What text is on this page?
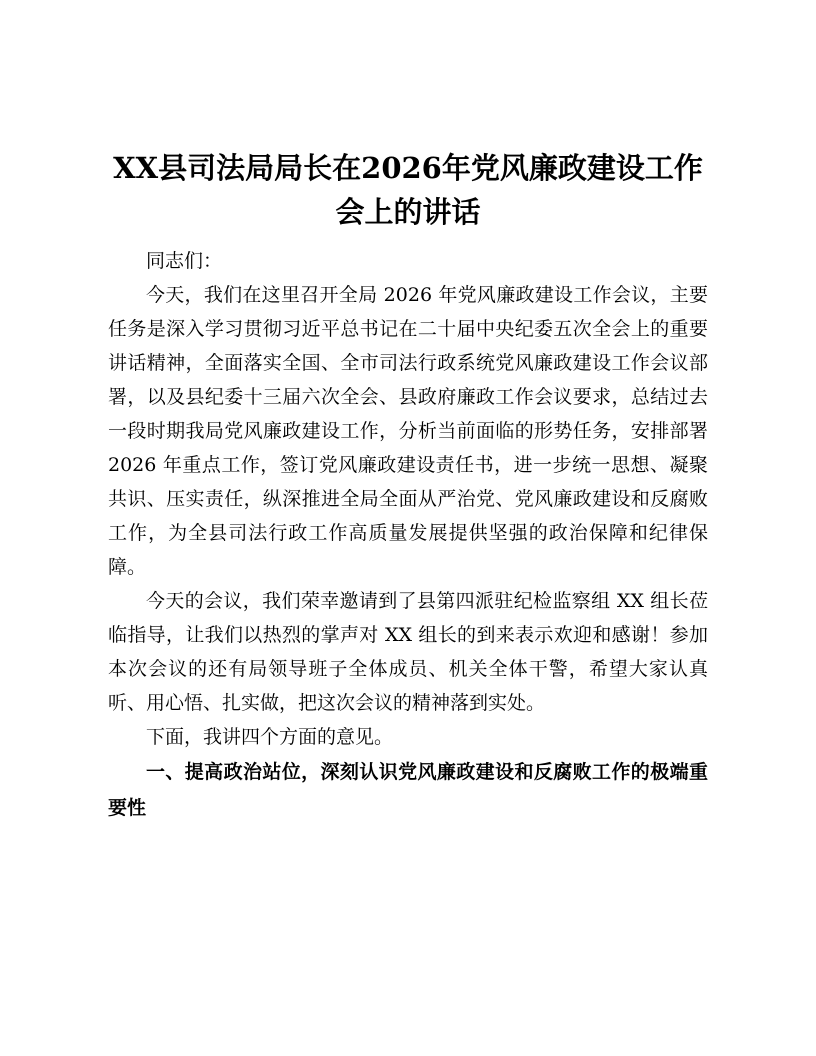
XX县司法局局长在2026年党风廉政建设工作
会上的讲话

同志们：

今天，我们在这里召开全局 2026 年党风廉政建设工作会议，主要任务是深入学习贯彻习近平总书记在二十届中央纪委五次全会上的重要讲话精神，全面落实全国、全市司法行政系统党风廉政建设工作会议部署，以及县纪委十三届六次全会、县政府廉政工作会议要求，总结过去一段时期我局党风廉政建设工作，分析当前面临的形势任务，安排部署 2026 年重点工作，签订党风廉政建设责任书，进一步统一思想、凝聚共识、压实责任，纵深推进全局全面从严治党、党风廉政建设和反腐败工作，为全县司法行政工作高质量发展提供坚强的政治保障和纪律保障。

今天的会议，我们荣幸邀请到了县第四派驻纪检监察组 XX 组长莅临指导，让我们以热烈的掌声对 XX 组长的到来表示欢迎和感谢！参加本次会议的还有局领导班子全体成员、机关全体干警，希望大家认真听、用心悟、扎实做，把这次会议的精神落到实处。

下面，我讲四个方面的意见。

一、提高政治站位，深刻认识党风廉政建设和反腐败工作的极端重要性
